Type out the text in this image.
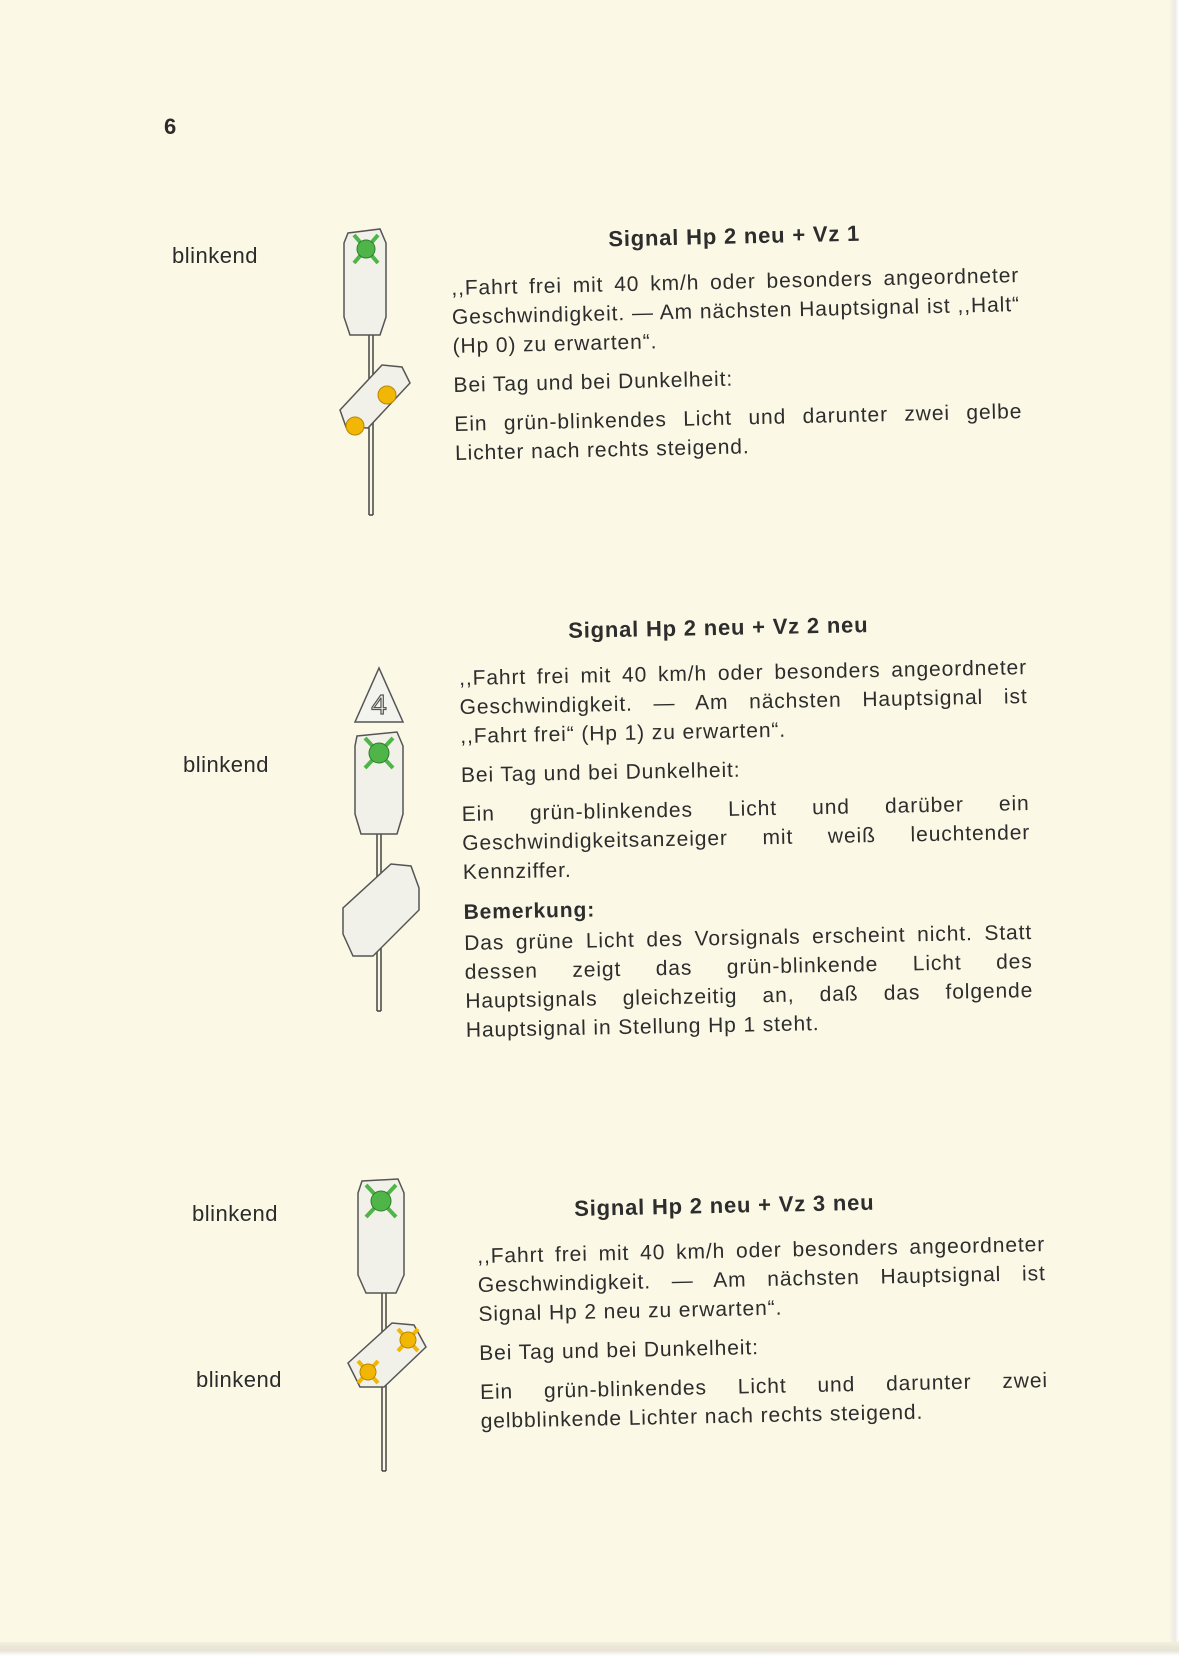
6
blinkend
Signal Hp 2 neu + Vz 1

,,Fahrt frei mit 40 km/h oder besonders angeordneter Geschwindigkeit. — Am nächsten Hauptsignal ist ,,Halt“ (Hp 0) zu erwarten“.

Bei Tag und bei Dunkelheit:

Ein grün-blinkendes Licht und darunter zwei gelbe Lichter nach rechts steigend.

blinkend
4
Signal Hp 2 neu + Vz 2 neu

,,Fahrt frei mit 40 km/h oder besonders angeordneter Geschwindigkeit. — Am nächsten Hauptsignal ist ,,Fahrt frei“ (Hp 1) zu erwarten“.

Bei Tag und bei Dunkelheit:

Ein grün-blinkendes Licht und darüber ein Geschwindigkeitsanzeiger mit weiß leuchtender Kennziffer.

Bemerkung:

Das grüne Licht des Vorsignals erscheint nicht. Statt dessen zeigt das grün-blinkende Licht des Hauptsignals gleichzeitig an, daß das folgende Hauptsignal in Stellung Hp 1 steht.

blinkend
blinkend
Signal Hp 2 neu + Vz 3 neu

,,Fahrt frei mit 40 km/h oder besonders angeordneter Geschwindigkeit. — Am nächsten Hauptsignal ist Signal Hp 2 neu zu erwarten“.

Bei Tag und bei Dunkelheit:

Ein grün-blinkendes Licht und darunter zwei gelbblinkende Lichter nach rechts steigend.
